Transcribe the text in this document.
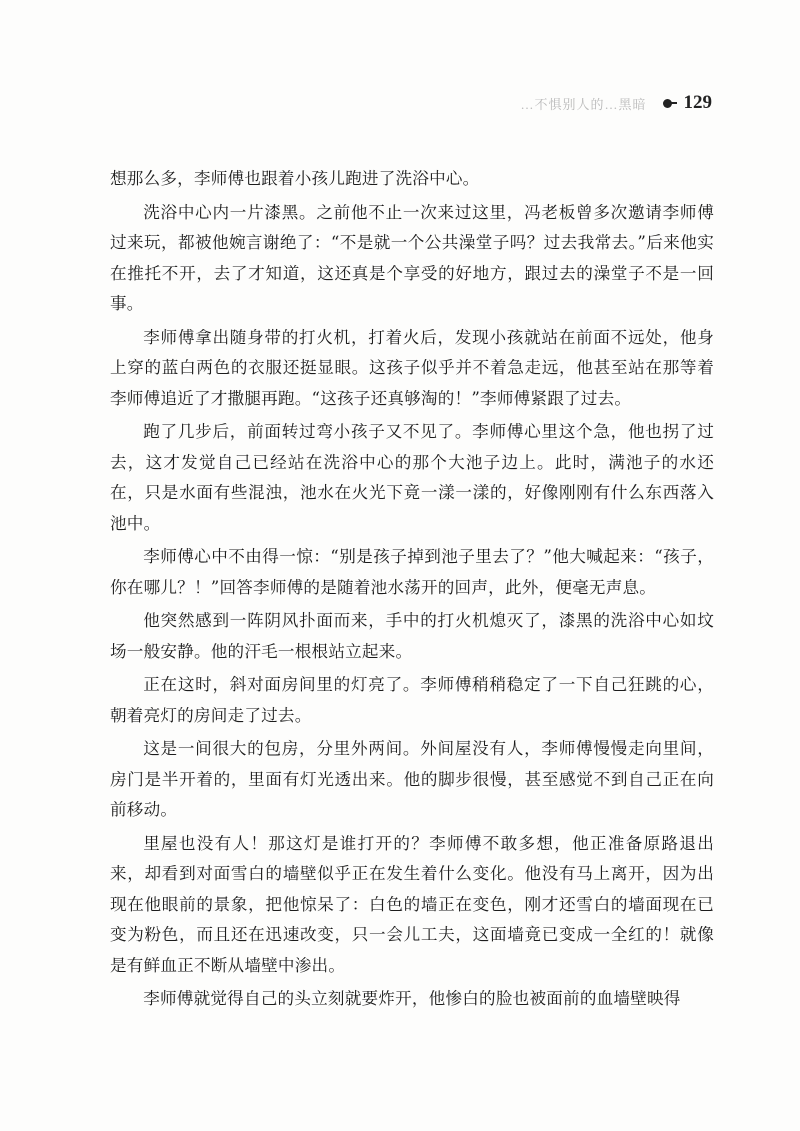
…不惧别人的…黑暗 129

想那么多，李师傅也跟着小孩儿跑进了洗浴中心。

洗浴中心内一片漆黑。之前他不止一次来过这里，冯老板曾多次邀请李师傅过来玩，都被他婉言谢绝了：“不是就一个公共澡堂子吗？过去我常去。”后来他实在推托不开，去了才知道，这还真是个享受的好地方，跟过去的澡堂子不是一回事。

李师傅拿出随身带的打火机，打着火后，发现小孩就站在前面不远处，他身上穿的蓝白两色的衣服还挺显眼。这孩子似乎并不着急走远，他甚至站在那等着李师傅追近了才撒腿再跑。“这孩子还真够淘的！”李师傅紧跟了过去。

跑了几步后，前面转过弯小孩子又不见了。李师傅心里这个急，他也拐了过去，这才发觉自己已经站在洗浴中心的那个大池子边上。此时，满池子的水还在，只是水面有些混浊，池水在火光下竟一漾一漾的，好像刚刚有什么东西落入池中。

李师傅心中不由得一惊：“别是孩子掉到池子里去了？”他大喊起来：“孩子，你在哪儿？！”回答李师傅的是随着池水荡开的回声，此外，便毫无声息。

他突然感到一阵阴风扑面而来，手中的打火机熄灭了，漆黑的洗浴中心如坟场一般安静。他的汗毛一根根站立起来。

正在这时，斜对面房间里的灯亮了。李师傅稍稍稳定了一下自己狂跳的心，朝着亮灯的房间走了过去。

这是一间很大的包房，分里外两间。外间屋没有人，李师傅慢慢走向里间，房门是半开着的，里面有灯光透出来。他的脚步很慢，甚至感觉不到自己正在向前移动。

里屋也没有人！那这灯是谁打开的？李师傅不敢多想，他正准备原路退出来，却看到对面雪白的墙壁似乎正在发生着什么变化。他没有马上离开，因为出现在他眼前的景象，把他惊呆了：白色的墙正在变色，刚才还雪白的墙面现在已变为粉色，而且还在迅速改变，只一会儿工夫，这面墙竟已变成一全红的！就像是有鲜血正不断从墙壁中渗出。

李师傅就觉得自己的头立刻就要炸开，他惨白的脸也被面前的血墙壁映得
